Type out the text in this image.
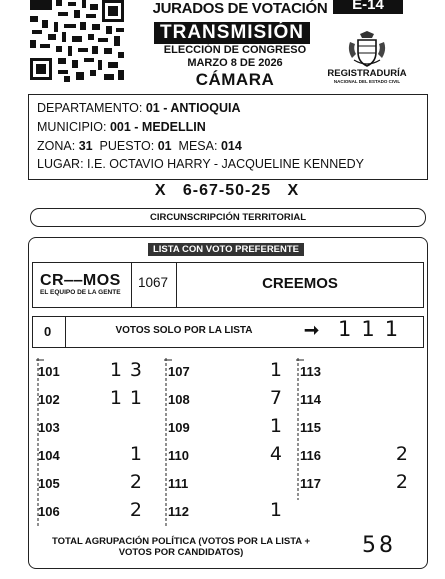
JURADOS DE VOTACIÓN
TRANSMISIÓN
ELECCIÓN DE CONGRESO
MARZO 8 DE 2026
CÁMARA
E-14
REGISTRADURÍA
NACIONAL DEL ESTADO CIVIL
DEPARTAMENTO: 01 - ANTIOQUIA
MUNICIPIO: 001 - MEDELLIN
ZONA: 31 PUESTO: 01 MESA: 014
LUGAR: I.E. OCTAVIO HARRY - JACQUELINE KENNEDY
X   6-67-50-25   X
CIRCUNSCRIPCIÓN TERRITORIAL
LISTA CON VOTO PREFERENTE
CR‒‒MOS
EL EQUIPO DE LA GENTE
1067	CREEMOS
0	VOTOS SOLO POR LA LISTA	➞ 111
101	13
102	11
103
104	1
105	2
106	2
107	1
108	7
109	1
110	4
111
112	1
113
114
115
116	2
117	2
TOTAL AGRUPACIÓN POLÍTICA (VOTOS POR LA LISTA +
VOTOS POR CANDIDATOS)	58
